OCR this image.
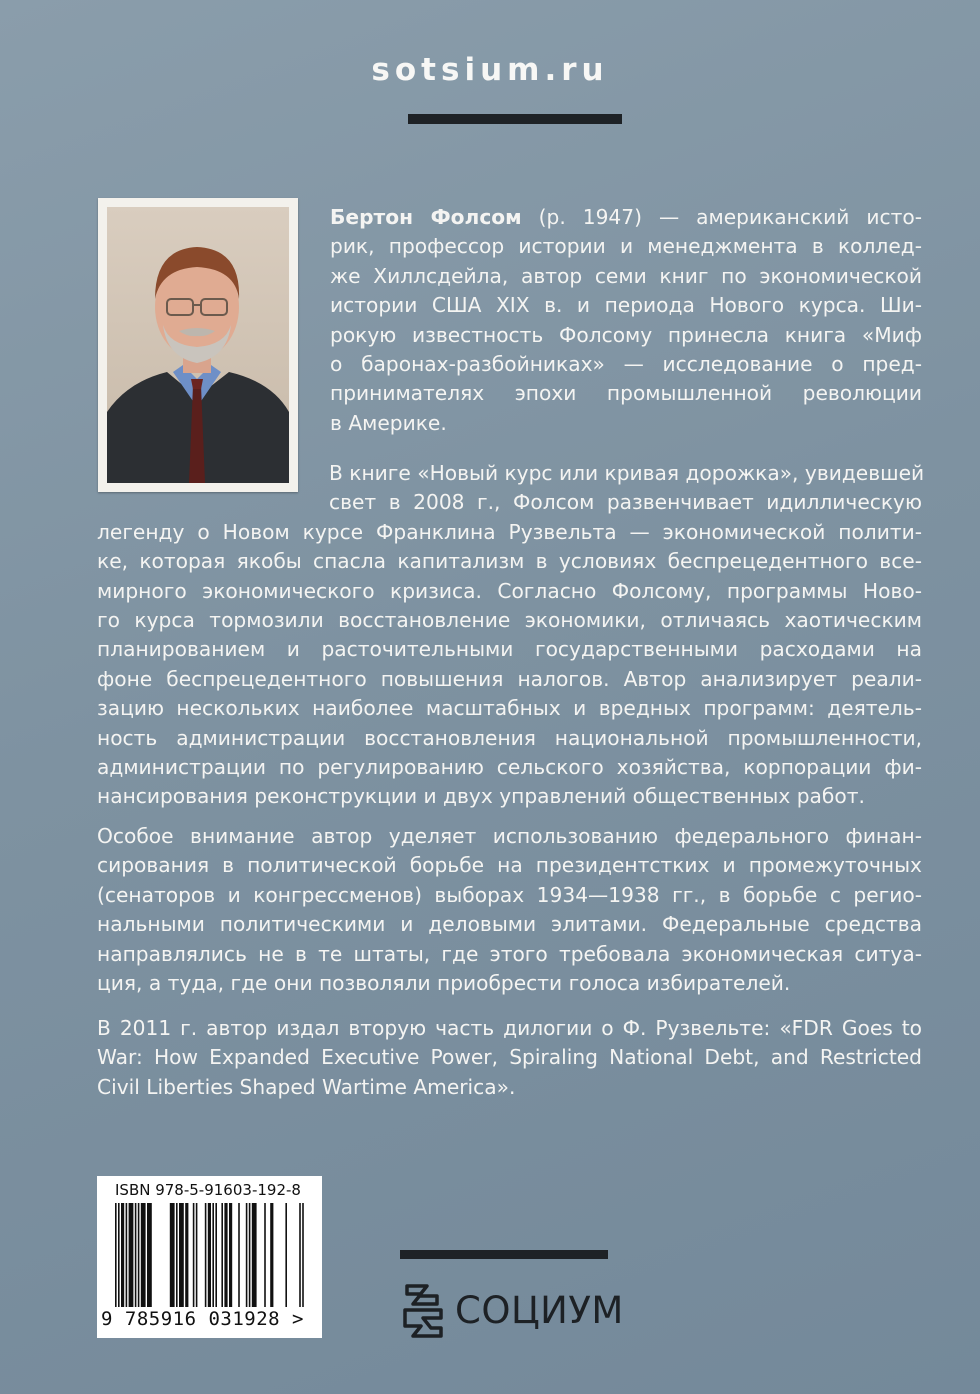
sotsium.ru
Бертон Фолсом (р. 1947) — американский исто-
рик, профессор истории и менеджмента в коллед-
же Хиллсдейла, автор семи книг по экономической
истории США XIX в. и периода Нового курса. Ши-
рокую известность Фолсому принесла книга «Миф
о баронах-разбойниках» — исследование о пред-
принимателях эпохи промышленной революции
в Америке.
В книге «Новый курс или кривая дорожка», увидевшей
свет в 2008 г., Фолсом развенчивает идиллическую
легенду о Новом курсе Франклина Рузвельта — экономической полити-
ке, которая якобы спасла капитализм в условиях беспрецедентного все-
мирного экономического кризиса. Согласно Фолсому, программы Ново-
го курса тормозили восстановление экономики, отличаясь хаотическим
планированием и расточительными государственными расходами на
фоне беспрецедентного повышения налогов. Автор анализирует реали-
зацию нескольких наиболее масштабных и вредных программ: деятель-
ность администрации восстановления национальной промышленности,
администрации по регулированию сельского хозяйства, корпорации фи-
нансирования реконструкции и двух управлений общественных работ.
Особое внимание автор уделяет использованию федерального финан-
сирования в политической борьбе на президентстких и промежуточных
(сенаторов и конгрессменов) выборах 1934—1938 гг., в борьбе с регио-
нальными политическими и деловыми элитами. Федеральные средства
направлялись не в те штаты, где этого требовала экономическая ситуа-
ция, а туда, где они позволяли приобрести голоса избирателей.
В 2011 г. автор издал вторую часть дилогии о Ф. Рузвельте: «FDR Goes to
War: How Expanded Executive Power, Spiraling National Debt, and Restricted
Civil Liberties Shaped Wartime America».
ISBN 978-5-91603-192-8
9 785916 031928 >	СОЦИУМ
